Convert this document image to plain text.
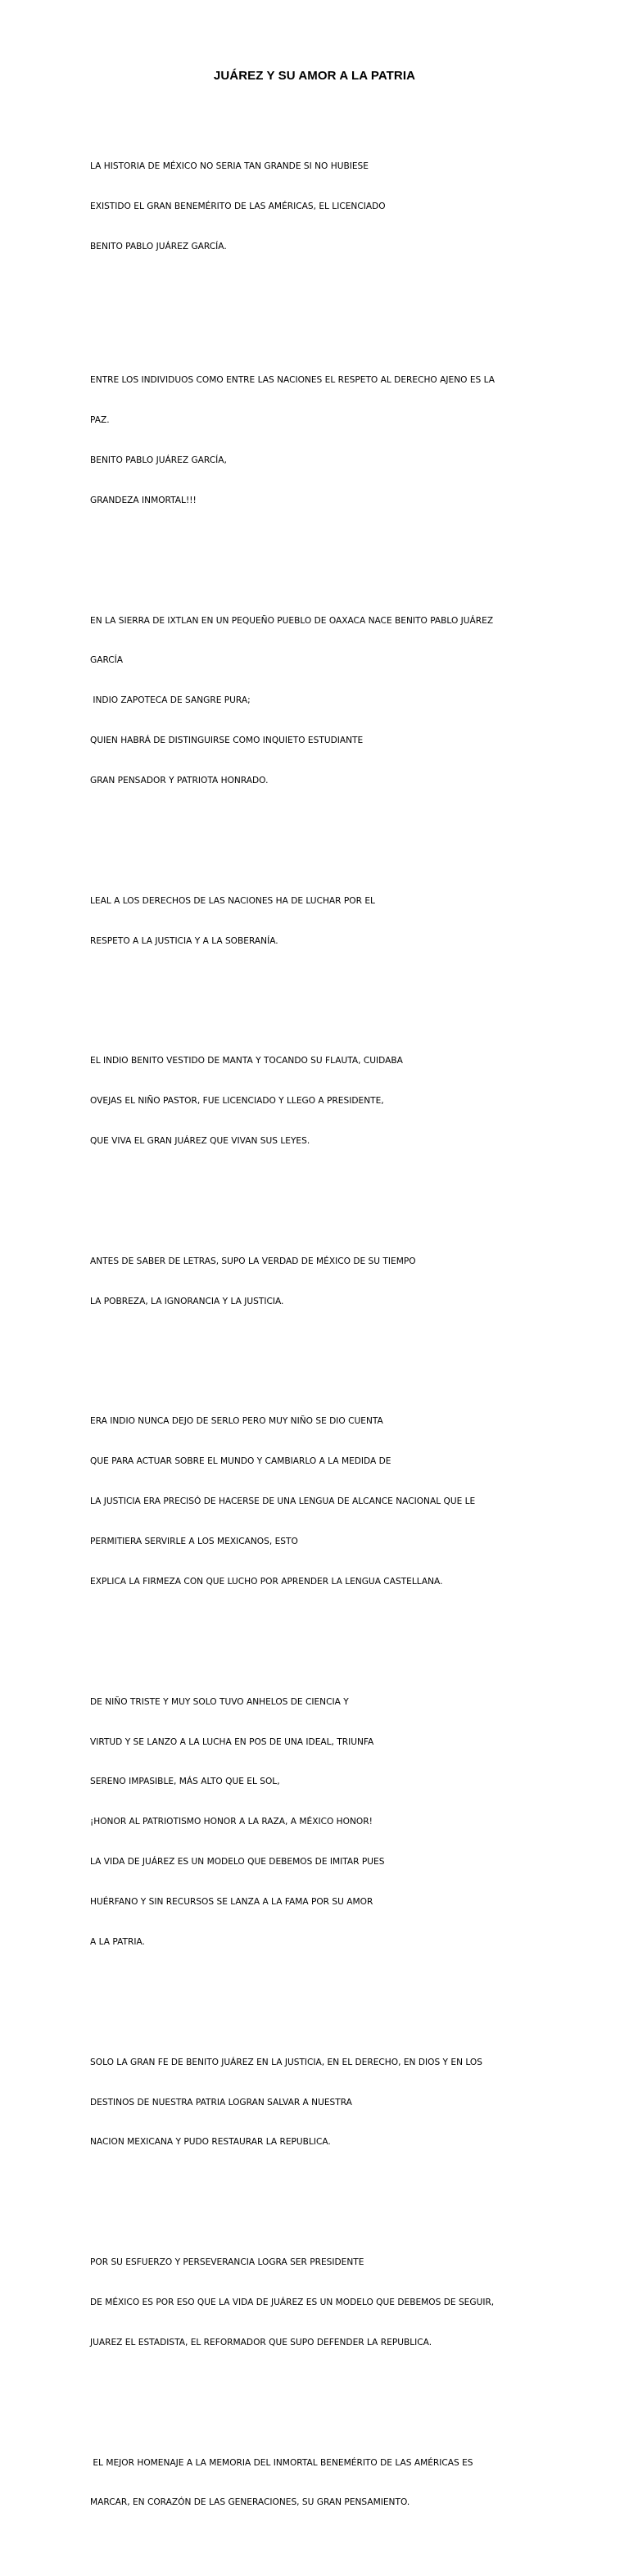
JUÁREZ Y SU AMOR A LA PATRIA

LA HISTORIA DE MÉXICO NO SERIA TAN GRANDE SI NO HUBIESE

EXISTIDO EL GRAN BENEMÉRITO DE LAS AMÉRICAS, EL LICENCIADO

BENITO PABLO JUÁREZ GARCÍA.

ENTRE LOS INDIVIDUOS COMO ENTRE LAS NACIONES EL RESPETO AL DERECHO AJENO ES LA

PAZ.

BENITO PABLO JUÁREZ GARCÍA,

GRANDEZA INMORTAL!!!

EN LA SIERRA DE IXTLAN EN UN PEQUEÑO PUEBLO DE OAXACA NACE BENITO PABLO JUÁREZ

GARCÍA

INDIO ZAPOTECA DE SANGRE PURA;

QUIEN HABRÁ DE DISTINGUIRSE COMO INQUIETO ESTUDIANTE

GRAN PENSADOR Y PATRIOTA HONRADO.

LEAL A LOS DERECHOS DE LAS NACIONES HA DE LUCHAR POR EL

RESPETO A LA JUSTICIA Y A LA SOBERANÍA.

EL INDIO BENITO VESTIDO DE MANTA Y TOCANDO SU FLAUTA, CUIDABA

OVEJAS EL NIÑO PASTOR, FUE LICENCIADO Y LLEGO A PRESIDENTE,

QUE VIVA EL GRAN JUÁREZ QUE VIVAN SUS LEYES.

ANTES DE SABER DE LETRAS, SUPO LA VERDAD DE MÉXICO DE SU TIEMPO

LA POBREZA, LA IGNORANCIA Y LA JUSTICIA.

ERA INDIO NUNCA DEJO DE SERLO PERO MUY NIÑO SE DIO CUENTA

QUE PARA ACTUAR SOBRE EL MUNDO Y CAMBIARLO A LA MEDIDA DE

LA JUSTICIA ERA PRECISÓ DE HACERSE DE UNA LENGUA DE ALCANCE NACIONAL QUE LE

PERMITIERA SERVIRLE A LOS MEXICANOS, ESTO

EXPLICA LA FIRMEZA CON QUE LUCHO POR APRENDER LA LENGUA CASTELLANA.

DE NIÑO TRISTE Y MUY SOLO TUVO ANHELOS DE CIENCIA Y

VIRTUD Y SE LANZO A LA LUCHA EN POS DE UNA IDEAL, TRIUNFA

SERENO IMPASIBLE, MÁS ALTO QUE EL SOL,

¡HONOR AL PATRIOTISMO HONOR A LA RAZA, A MÉXICO HONOR!

LA VIDA DE JUÁREZ ES UN MODELO QUE DEBEMOS DE IMITAR PUES

HUÉRFANO Y SIN RECURSOS SE LANZA A LA FAMA POR SU AMOR

A LA PATRIA.

SOLO LA GRAN FE DE BENITO JUÁREZ EN LA JUSTICIA, EN EL DERECHO, EN DIOS Y EN LOS

DESTINOS DE NUESTRA PATRIA LOGRAN SALVAR A NUESTRA

NACION MEXICANA Y PUDO RESTAURAR LA REPUBLICA.

POR SU ESFUERZO Y PERSEVERANCIA LOGRA SER PRESIDENTE

DE MÉXICO ES POR ESO QUE LA VIDA DE JUÁREZ ES UN MODELO QUE DEBEMOS DE SEGUIR,

JUAREZ EL ESTADISTA, EL REFORMADOR QUE SUPO DEFENDER LA REPUBLICA.

EL MEJOR HOMENAJE A LA MEMORIA DEL INMORTAL BENEMÉRITO DE LAS AMÉRICAS ES

MARCAR, EN CORAZÓN DE LAS GENERACIONES, SU GRAN PENSAMIENTO.
